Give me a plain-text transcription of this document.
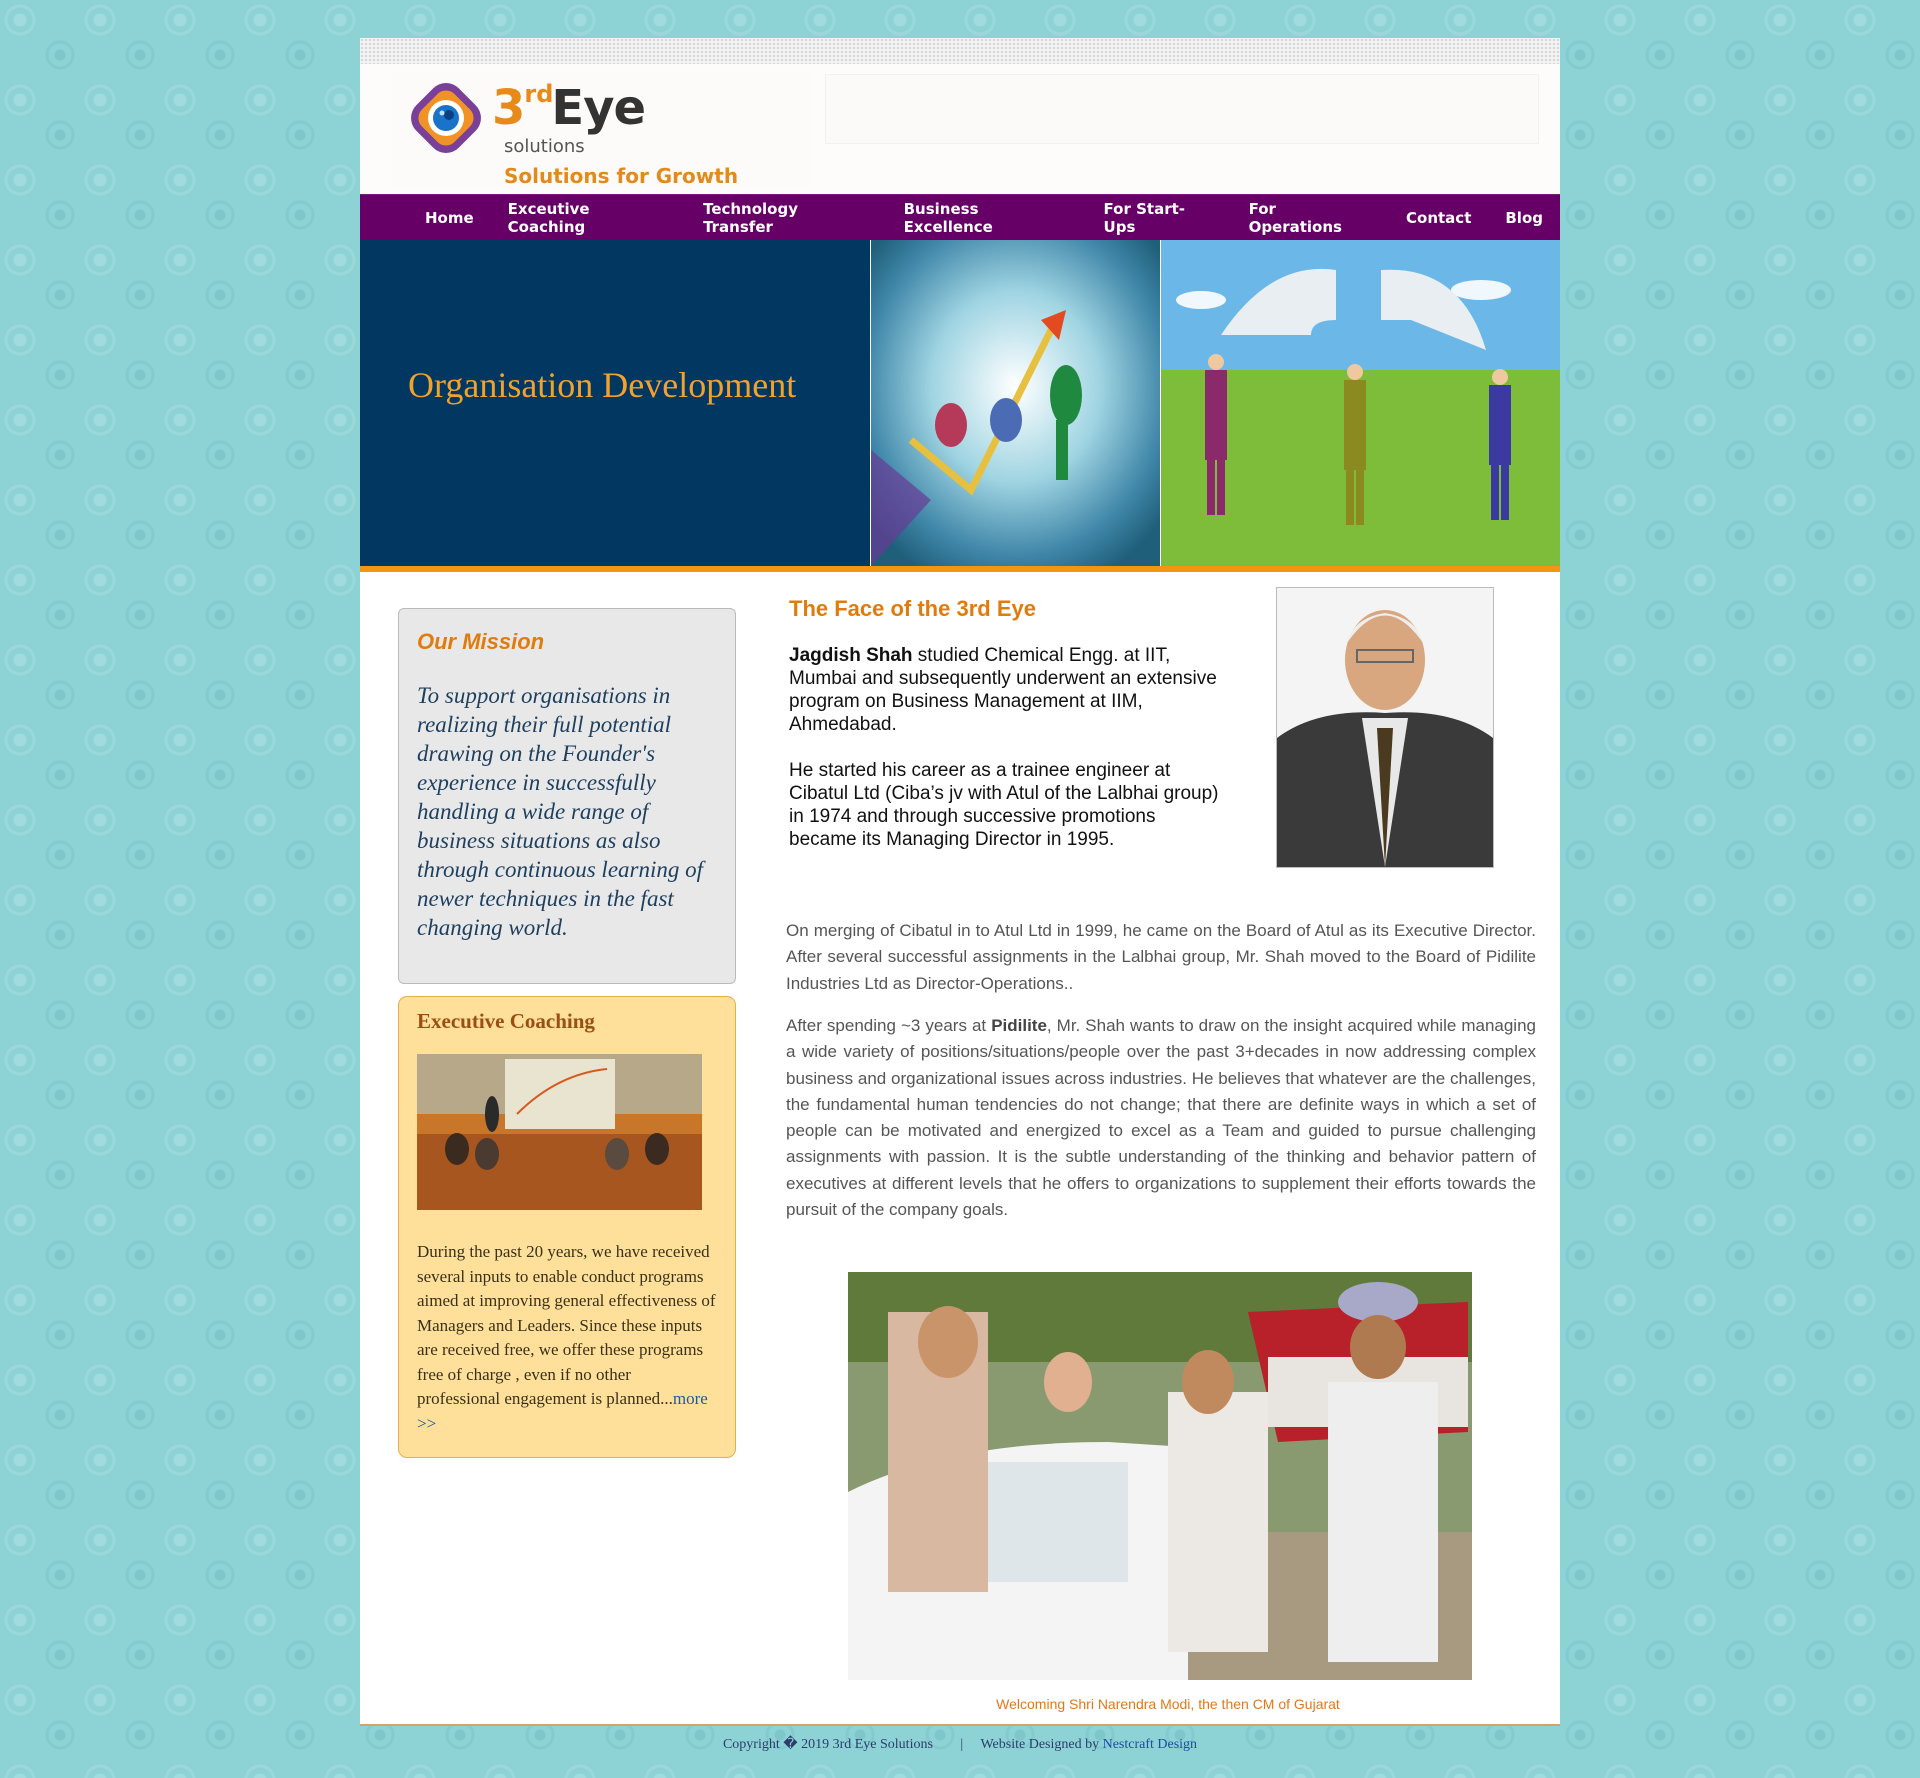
3rdEye
solutions
Solutions for Growth
Home	Exceutive Coaching
Technology Transfer
Business Excellence
For Start-Ups
For Operations	Contact	Blog
Organisation Development
Our Mission

To support organisations in realizing their full potential drawing on the Founder's experience in successfully handling a wide range of business situations as also through continuous learning of newer techniques in the fast changing world.

Executive Coaching

During the past 20 years, we have received several inputs to enable conduct programs aimed at improving general effectiveness of Managers and Leaders. Since these inputs are received free, we offer these programs free of charge , even if no other professional engagement is planned...more >>

The Face of the 3rd Eye

Jagdish Shah studied Chemical Engg. at IIT, Mumbai and subsequently underwent an extensive program on Business Management at IIM, Ahmedabad.

He started his career as a trainee engineer at Cibatul Ltd (Ciba’s jv with Atul of the Lalbhai group) in 1974 and through successive promotions became its Managing Director in 1995.

On merging of Cibatul in to Atul Ltd in 1999, he came on the Board of Atul as its Executive Director. After several successful assignments in the Lalbhai group, Mr. Shah moved to the Board of Pidilite Industries Ltd as Director-Operations..

After spending ~3 years at Pidilite, Mr. Shah wants to draw on the insight acquired while managing a wide variety of positions/situations/people over the past 3+decades in now addressing complex business and organizational issues across industries. He believes that whatever are the challenges, the fundamental human tendencies do not change; that there are definite ways in which a set of people can be motivated and energized to excel as a Team and guided to pursue challenging assignments with passion. It is the subtle understanding of the thinking and behavior pattern of executives at different levels that he offers to organizations to supplement their efforts towards the pursuit of the company goals.

Welcoming Shri Narendra Modi, the then CM of Gujarat

Copyright � 2019 3rd Eye Solutions | Website Designed by Nestcraft Design
